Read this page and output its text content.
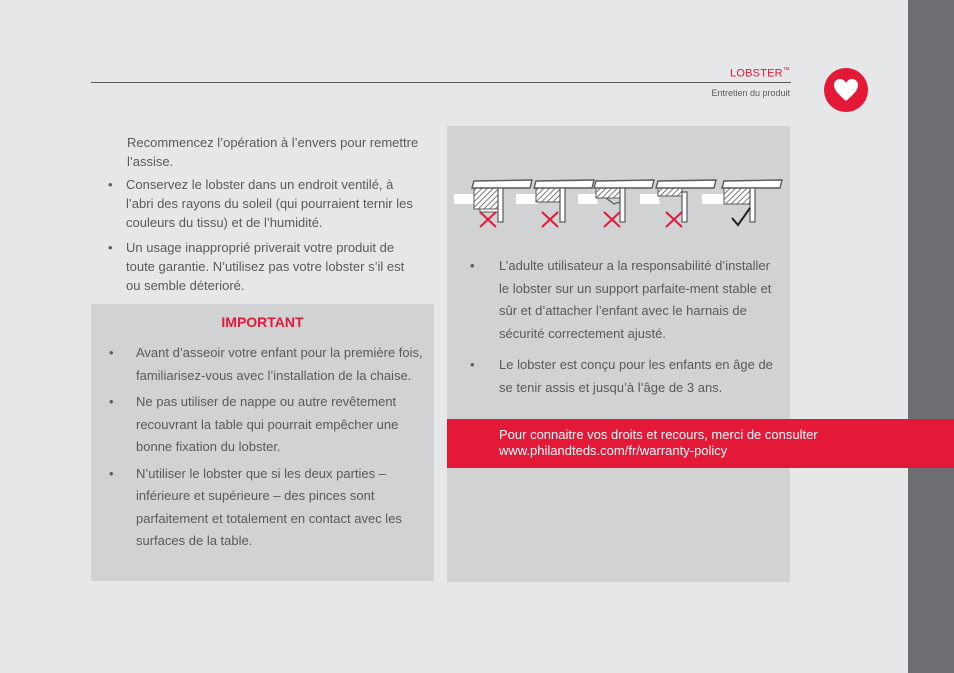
LOBSTER™
Entretien du produit
Recommencez l’opération à l’envers pour remettre l’assise.
• Conservez le lobster dans un endroit ventilé, à l’abri des rayons du soleil (qui pourraient ternir les couleurs du tissu) et de l’humidité.
• Un usage inapproprié priverait votre produit de toute garantie. N’utilisez pas votre lobster s’il est ou semble déterioré.
IMPORTANT
• Avant d’asseoir votre enfant pour la première fois, familiarisez-vous avec l’installation de la chaise.
• Ne pas utiliser de nappe ou autre revêtement recouvrant la table qui pourrait empêcher une bonne fixation du lobster.
• N’utiliser le lobster que si les deux parties – inférieure et supérieure – des pinces sont parfaitement et totalement en contact avec les surfaces de la table.
• L’adulte utilisateur a la responsabilité d’installer le lobster sur un support parfaite-ment stable et sûr et d’attacher l’enfant avec le harnais de sécurité correctement ajusté.
• Le lobster est conçu pour les enfants en âge de se tenir assis et jusqu’à l’âge de 3 ans.
Pour connaitre vos droits et recours, merci de consulter
www.philandteds.com/fr/warranty-policy
